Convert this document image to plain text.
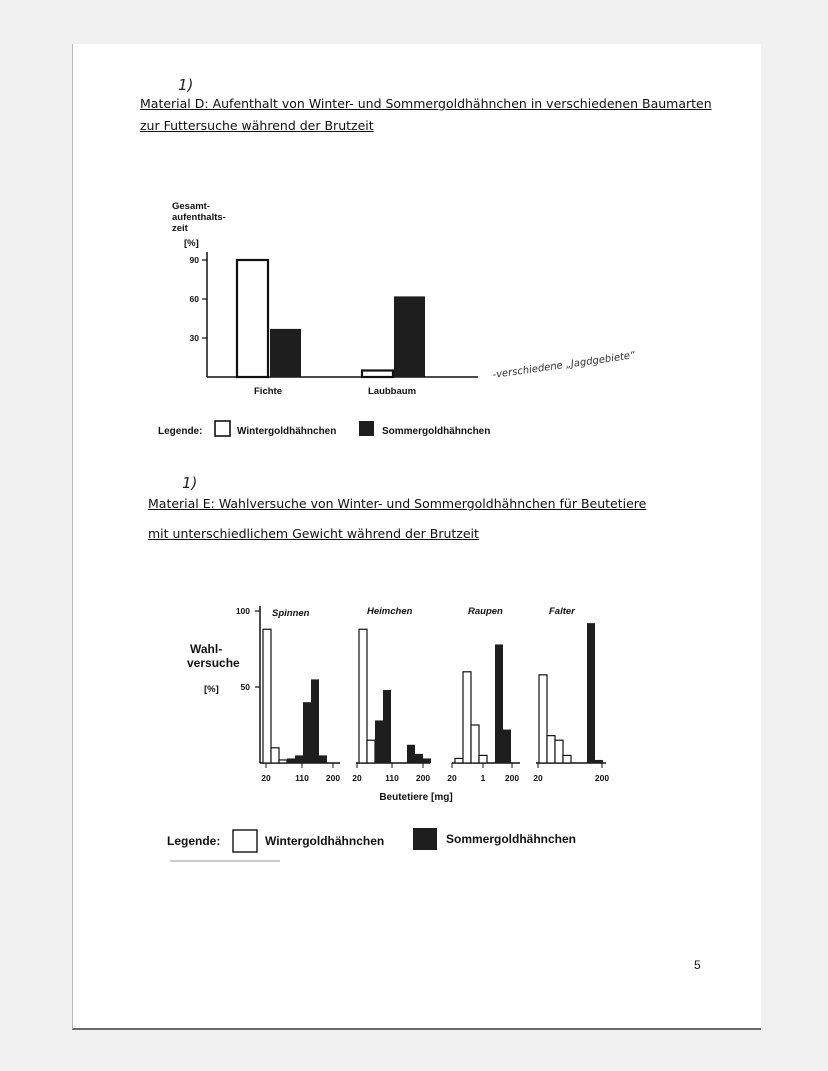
1)
Material D: Aufenthalt von Winter- und Sommergoldhähnchen in verschiedenen Baumarten
zur Futtersuche während der Brutzeit
1)
Material E: Wahlversuche von Winter- und Sommergoldhähnchen für Beutetiere
mit unterschiedlichem Gewicht während der Brutzeit
Gesamt-
aufenthalts-
zeit
[%]
30
60
90
Fichte	Laubbaum
-verschiedene „Jagdgebiete“
Legende:	Wintergoldhähnchen	Sommergoldhähnchen
Wahl-
versuche
[%]	50
100
20	110 200 20	110 200 20	1 200 20	200
Spinnen	Heimchen	Raupen	Falter
Beutetiere [mg]
Legende:	Wintergoldhähnchen	Sommergoldhähnchen
5
